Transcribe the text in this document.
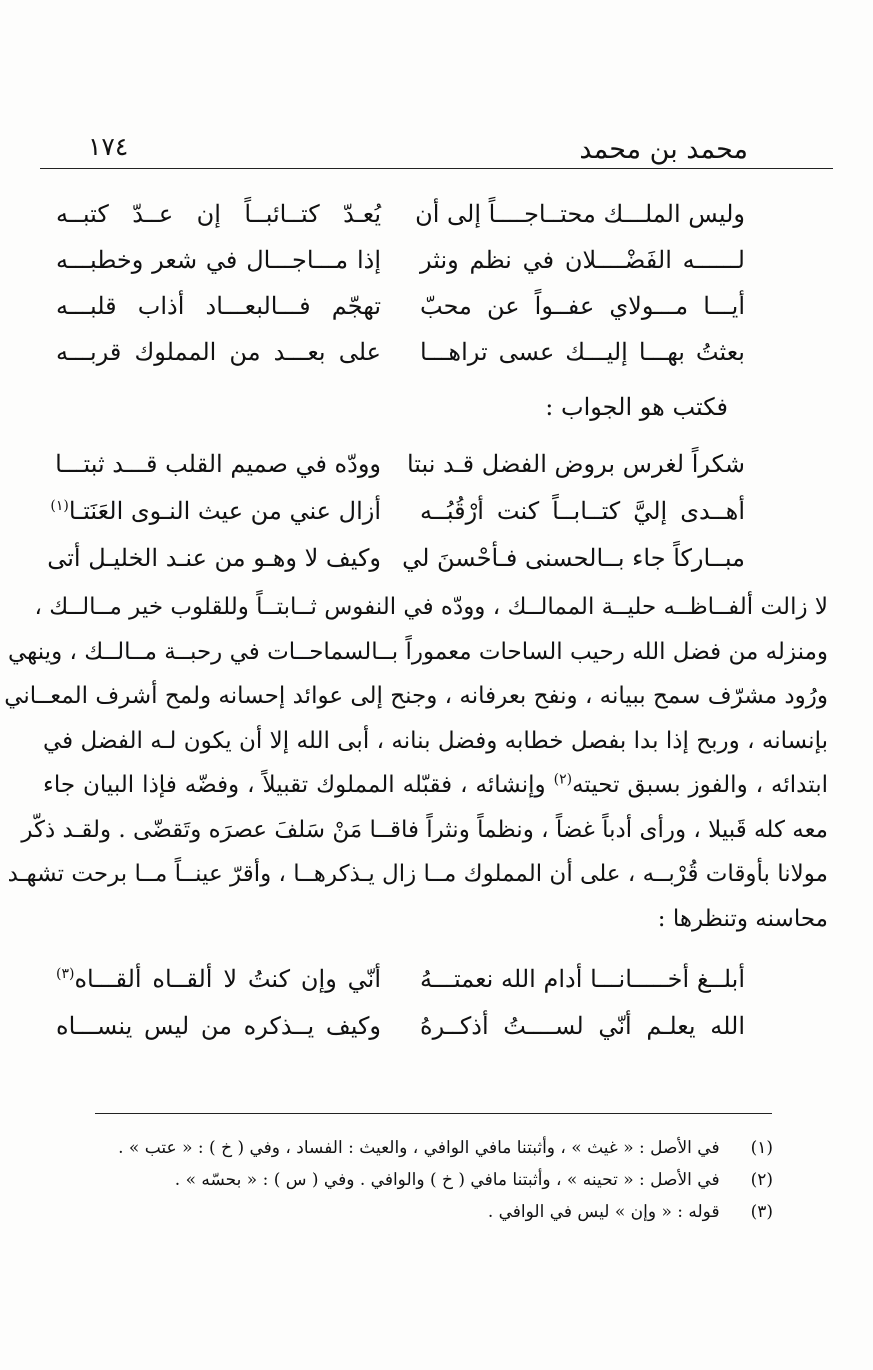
محمد بن محمد
١٧٤
وليس الملـــك محتــاجــــاً إلى أن
يُعـدّ كتــائبــاً إن عــدّ كتبــه
لــــــه الفَضْــــلان في نظم ونثر
إذا مـــاجـــال في شعر وخطبـــه
أيـــا مـــولاي عفــواً عن محبّ
تهجّم فـــالبعـــاد أذاب قلبـــه
بعثتُ بهـــا إليـــك عسى تراهـــا
على بعـــد من المملوك قربـــه
فكتب هو الجواب :
شكراً لغرس بروض الفضل قـد نبتا
وودّه في صميم القلب قـــد ثبتـــا
أهــدى إليَّ كتــابــاً كنت أرْقُبُــه
أزال عني من عيث النـوى العَنَتـا$^{(١)}$
مبــاركاً جاء بــالحسنى فـأحْسنَ لي
وكيف لا وهـو من عنـد الخليـل أتى
لا زالت ألفــاظــه حليــة الممالــك ، وودّه في النفوس ثــابتــاً وللقلوب خير مــالــك ،
ومنزله من فضل الله رحيب الساحات معموراً بــالسماحــات في رحبــة مــالــك ، وينهي
ورُود مشرّف سمح ببيانه ، ونفح بعرفانه ، وجنح إلى عوائد إحسانه ولمح أشرف المعــاني
بإنسانه ، وربح إذا بدا بفصل خطابه وفضل بنانه ، أبى الله إلا أن يكون لـه الفضل في
ابتدائه ، والفوز بسبق تحيته$^{(٢)}$ وإنشائه ، فقبّله المملوك تقبيلاً ، وفضّه فإذا البيان جاء
معه كله قَبيلا ، ورأى أدباً غضاً ، ونظماً ونثراً فاقــا مَنْ سَلفَ عصرَه وتَقضّى . ولقـد ذكّر
مولانا بأوقات قُرْبــه ، على أن المملوك مــا زال يـذكرهــا ، وأقرّ عينــاً مــا برحت تشهـد
محاسنه وتنظرها :
أبلــغ أخـــــانـــا أدام الله نعمتـــهُ
أنّي وإن كنتُ لا ألقــاه ألقـــاه$^{(٣)}$
الله يعلـم أنّي لســــتُ أذكــرهُ
وكيف يــذكره من ليس ينســـاه
(١) في الأصل : « غيث » ، وأثبتنا مافي الوافي ، والعيث : الفساد ، وفي ( خ ) : « عتب » .
(٢) في الأصل : « تحينه » ، وأثبتنا مافي ( خ ) والوافي . وفي ( س ) : « بحسّه » .
(٣) قوله : « وإن » ليس في الوافي .
